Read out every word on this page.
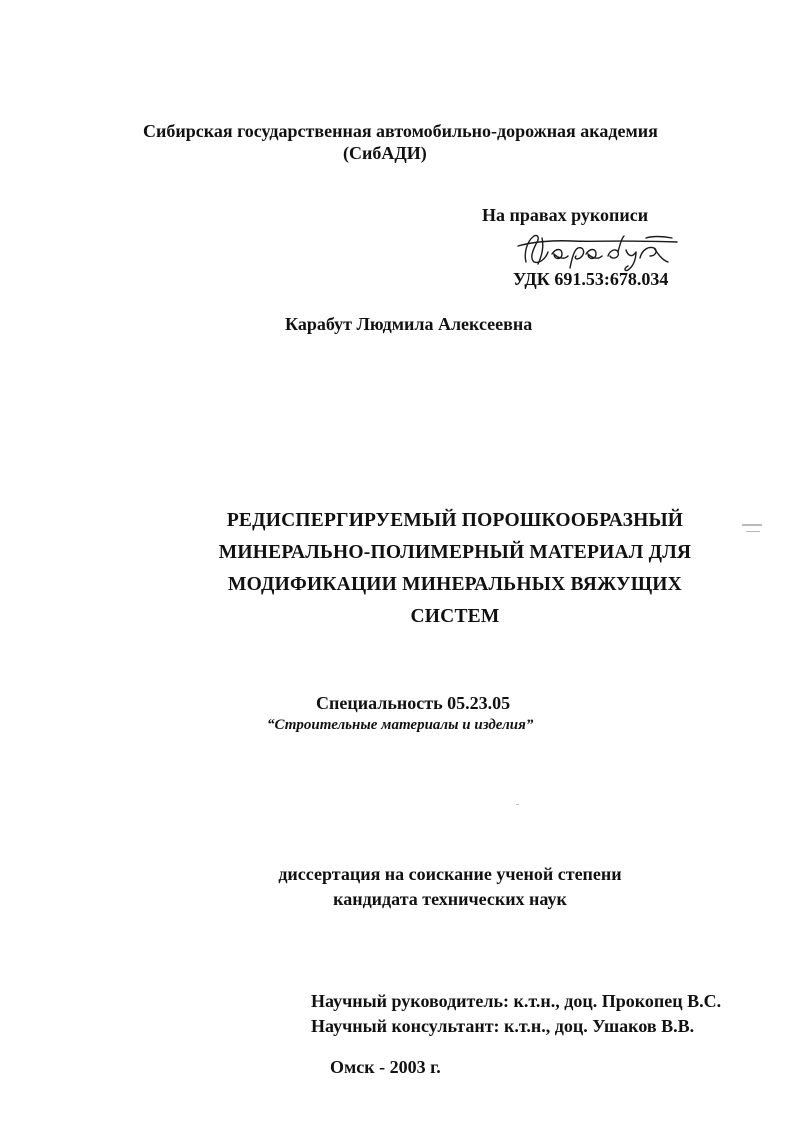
Сибирская государственная автомобильно-дорожная академия
(СибАДИ)
На правах рукописи
УДК 691.53:678.034
Карабут Людмила Алексеевна
РЕДИСПЕРГИРУЕМЫЙ ПОРОШКООБРАЗНЫЙ
МИНЕРАЛЬНО-ПОЛИМЕРНЫЙ МАТЕРИАЛ ДЛЯ
МОДИФИКАЦИИ МИНЕРАЛЬНЫХ ВЯЖУЩИХ
СИСТЕМ
Специальность 05.23.05
“Строительные материалы и изделия”
диссертация на соискание ученой степени
кандидата технических наук
Научный руководитель: к.т.н., доц. Прокопец В.С.
Научный консультант: к.т.н., доц. Ушаков В.В.
Омск - 2003 г.
